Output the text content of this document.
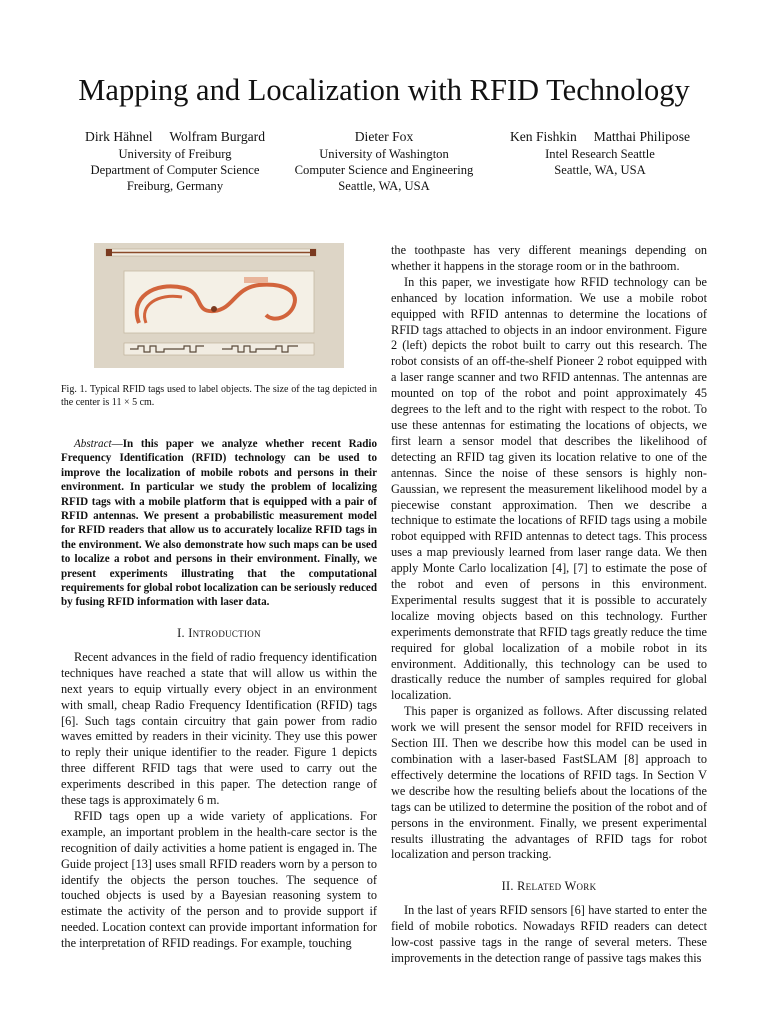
Mapping and Localization with RFID Technology
Dirk Hähnel     Wolfram Burgard
University of Freiburg
Department of Computer Science
Freiburg, Germany
Dieter Fox
University of Washington
Computer Science and Engineering
Seattle, WA, USA
Ken Fishkin     Matthai Philipose
Intel Research Seattle
Seattle, WA, USA
Fig. 1. Typical RFID tags used to label objects. The size of the tag depicted in the center is 11 × 5 cm.
Abstract—In this paper we analyze whether recent Radio Frequency Identification (RFID) technology can be used to improve the localization of mobile robots and persons in their environment. In particular we study the problem of localizing RFID tags with a mobile platform that is equipped with a pair of RFID antennas. We present a probabilistic measurement model for RFID readers that allow us to accurately localize RFID tags in the environment. We also demonstrate how such maps can be used to localize a robot and persons in their environment. Finally, we present experiments illustrating that the computational requirements for global robot localization can be seriously reduced by fusing RFID information with laser data.
I. Introduction

Recent advances in the field of radio frequency identification techniques have reached a state that will allow us within the next years to equip virtually every object in an environment with small, cheap Radio Frequency Identification (RFID) tags [6]. Such tags contain circuitry that gain power from radio waves emitted by readers in their vicinity. They use this power to reply their unique identifier to the reader. Figure 1 depicts three different RFID tags that were used to carry out the experiments described in this paper. The detection range of these tags is approximately 6 m.

RFID tags open up a wide variety of applications. For example, an important problem in the health-care sector is the recognition of daily activities a home patient is engaged in. The Guide project [13] uses small RFID readers worn by a person to identify the objects the person touches. The sequence of touched objects is used by a Bayesian reasoning system to estimate the activity of the person and to provide support if needed. Location context can provide important information for the interpretation of RFID readings. For example, touching

the toothpaste has very different meanings depending on whether it happens in the storage room or in the bathroom.

In this paper, we investigate how RFID technology can be enhanced by location information. We use a mobile robot equipped with RFID antennas to determine the locations of RFID tags attached to objects in an indoor environment. Figure 2 (left) depicts the robot built to carry out this research. The robot consists of an off-the-shelf Pioneer 2 robot equipped with a laser range scanner and two RFID antennas. The antennas are mounted on top of the robot and point approximately 45 degrees to the left and to the right with respect to the robot. To use these antennas for estimating the locations of objects, we first learn a sensor model that describes the likelihood of detecting an RFID tag given its location relative to one of the antennas. Since the noise of these sensors is highly non-Gaussian, we represent the measurement likelihood model by a piecewise constant approximation. Then we describe a technique to estimate the locations of RFID tags using a mobile robot equipped with RFID antennas to detect tags. This process uses a map previously learned from laser range data. We then apply Monte Carlo localization [4], [7] to estimate the pose of the robot and even of persons in this environment. Experimental results suggest that it is possible to accurately localize moving objects based on this technology. Further experiments demonstrate that RFID tags greatly reduce the time required for global localization of a mobile robot in its environment. Additionally, this technology can be used to drastically reduce the number of samples required for global localization.

This paper is organized as follows. After discussing related work we will present the sensor model for RFID receivers in Section III. Then we describe how this model can be used in combination with a laser-based FastSLAM [8] approach to effectively determine the locations of RFID tags. In Section V we describe how the resulting beliefs about the locations of the tags can be utilized to determine the position of the robot and of persons in the environment. Finally, we present experimental results illustrating the advantages of RFID tags for robot localization and person tracking.

II. Related Work

In the last of years RFID sensors [6] have started to enter the field of mobile robotics. Nowadays RFID readers can detect low-cost passive tags in the range of several meters. These improvements in the detection range of passive tags makes this
